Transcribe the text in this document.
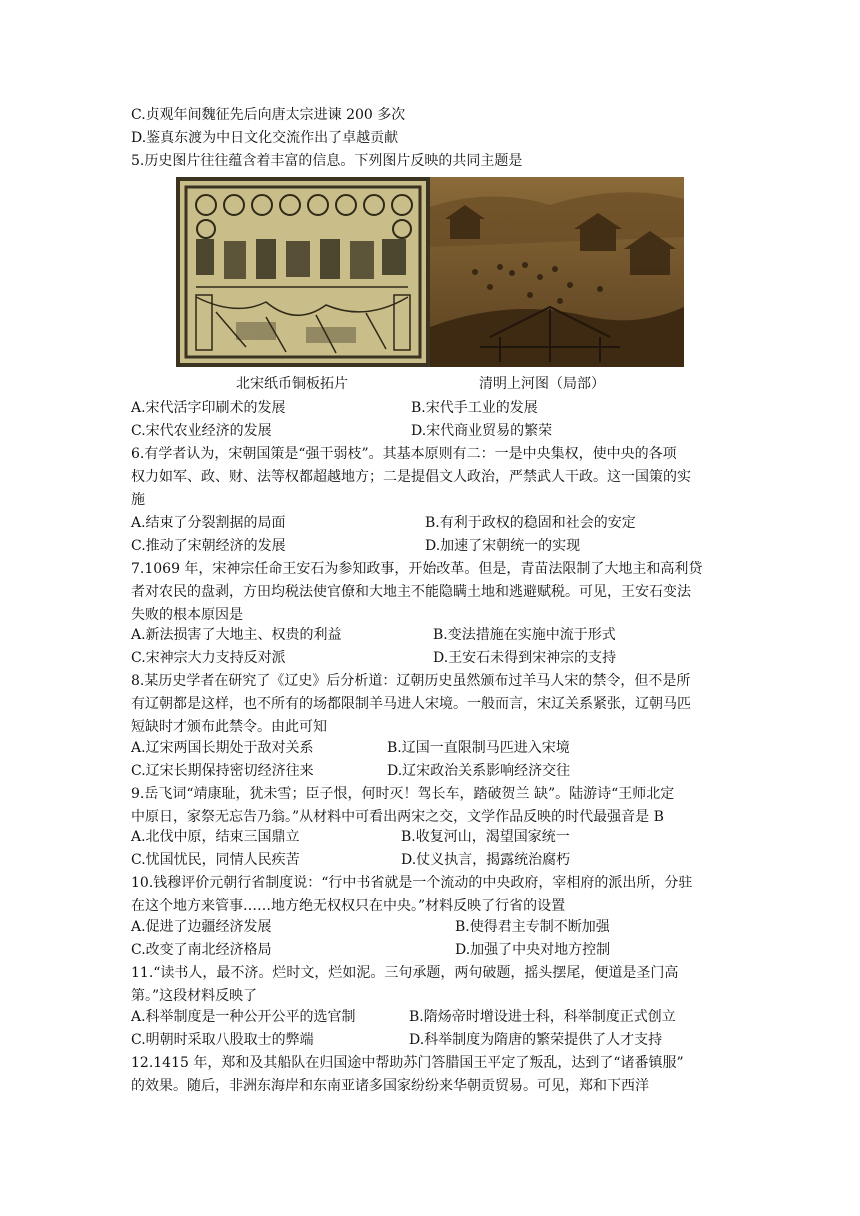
C.贞观年间魏征先后向唐太宗进谏 200 多次
D.鉴真东渡为中日文化交流作出了卓越贡献
5.历史图片往往蕴含着丰富的信息。下列图片反映的共同主题是
北宋纸币铜板拓片	清明上河图（局部）
A.宋代活字印刷术的发展	B.宋代手工业的发展
C.宋代农业经济的发展	D.宋代商业贸易的繁荣
6.有学者认为，宋朝国策是“强干弱枝”。其基本原则有二：一是中央集权，使中央的各项
权力如军、政、财、法等权都超越地方；二是提倡文人政治，严禁武人干政。这一国策的实
施
A.结束了分裂割据的局面	B.有利于政权的稳固和社会的安定
C.推动了宋朝经济的发展	D.加速了宋朝统一的实现
7.1069 年，宋神宗任命王安石为参知政事，开始改革。但是，青苗法限制了大地主和高利贷
者对农民的盘剥，方田均税法使官僚和大地主不能隐瞒土地和逃避赋税。可见，王安石变法
失败的根本原因是
A.新法损害了大地主、权贵的利益	B.变法措施在实施中流于形式
C.宋神宗大力支持反对派	D.王安石未得到宋神宗的支持
8.某历史学者在研究了《辽史》后分析道：辽朝历史虽然颁布过羊马人宋的禁令，但不是所
有辽朝都是这样，也不所有的场都限制羊马进人宋境。一般而言，宋辽关系紧张，辽朝马匹
短缺时才颁布此禁令。由此可知
A.辽宋两国长期处于敌对关系	B.辽国一直限制马匹进入宋境
C.辽宋长期保持密切经济往来	D.辽宋政治关系影响经济交往
9.岳飞词“靖康耻，犹未雪；臣子恨，何时灭！驾长车，踏破贺兰 缺”。陆游诗“王师北定
中原日，家祭无忘告乃翁。”从材料中可看出两宋之交，文学作品反映的时代最强音是 B
A.北伐中原，结束三国鼎立	B.收复河山，渴望国家统一
C.忧国忧民，同情人民疾苦	D.仗义执言，揭露统治腐朽
10.钱穆评价元朝行省制度说：“行中书省就是一个流动的中央政府，宰相府的派出所，分驻
在这个地方来管事……地方绝无权权只在中央。”材料反映了行省的设置
A.促进了边疆经济发展	B.使得君主专制不断加强
C.改变了南北经济格局	D.加强了中央对地方控制
11.“读书人，最不济。烂时文，烂如泥。三句承题，两句破题，摇头摆尾，便道是圣门高
第。”这段材料反映了
A.科举制度是一种公开公平的选官制	B.隋炀帝时增设进士科，科举制度正式创立
C.明朝时采取八股取士的弊端	D.科举制度为隋唐的繁荣提供了人才支持
12.1415 年，郑和及其船队在归国途中帮助苏门答腊国王平定了叛乱，达到了“诸番镇服”
的效果。随后，非洲东海岸和东南亚诸多国家纷纷来华朝贡贸易。可见，郑和下西洋
